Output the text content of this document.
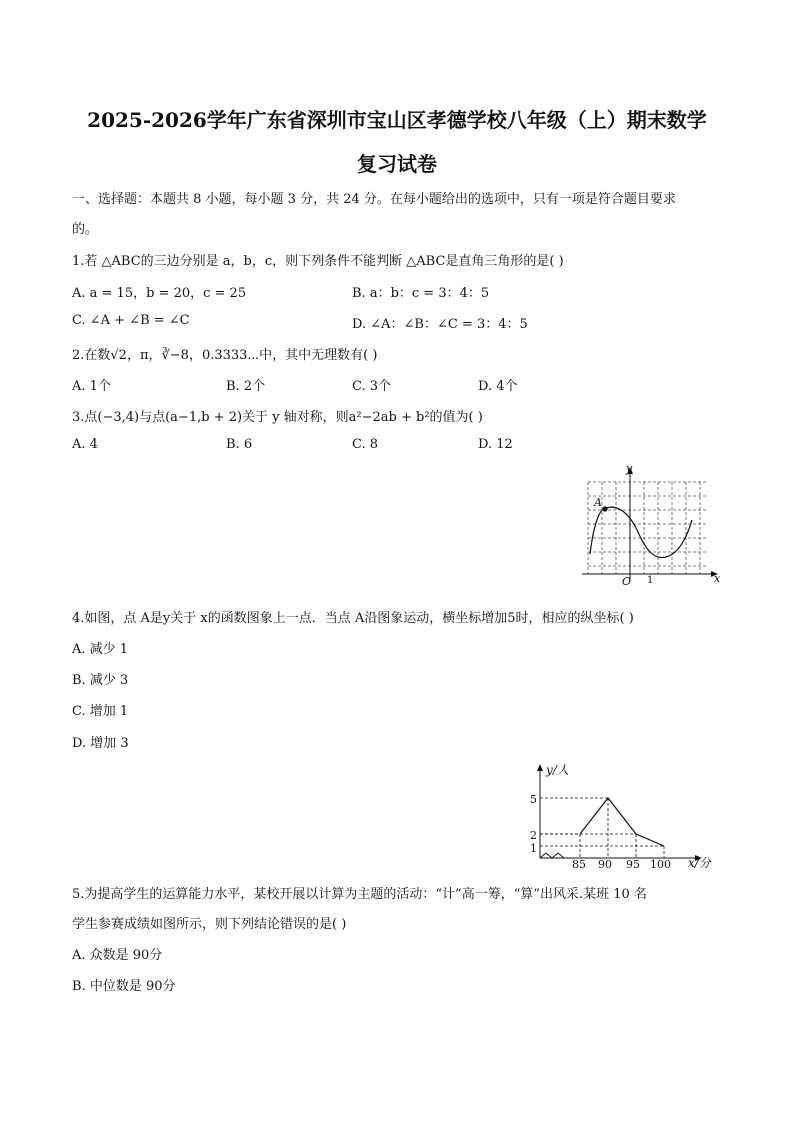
2025-2026学年广东省深圳市宝山区孝德学校八年级（上）期末数学
复习试卷
一、选择题：本题共 8 小题，每小题 3 分，共 24 分。在每小题给出的选项中，只有一项是符合题目要求
的。
1.若 △ABC的三边分别是 a，b，c，则下列条件不能判断 △ABC是直角三角形的是( )
A. a = 15，b = 20，c = 25	B. a：b：c = 3：4：5
C. ∠A + ∠B = ∠C	D. ∠A：∠B：∠C = 3：4：5
2.在数√2，π，∛−8，0.3333⋯中，其中无理数有( )
A. 1个	B. 2个	C. 3个	D. 4个
3.点(−3,4)与点(a−1,b + 2)关于 y 轴对称，则a²−2ab + b²的值为( )
A. 4	B. 6	C. 8	D. 12
A
y
x
O 1
4.如图，点 A是y关于 x的函数图象上一点．当点 A沿图象运动，横坐标增加5时，相应的纵坐标( )
A. 减少 1
B. 减少 3
C. 增加 1
D. 增加 3
y/人
x/分
5
2
1
85 90 95 100
5.为提高学生的运算能力水平，某校开展以计算为主题的活动：“计”高一筹，“算”出风采.某班 10 名
学生参赛成绩如图所示，则下列结论错误的是( )
A. 众数是 90分
B. 中位数是 90分
